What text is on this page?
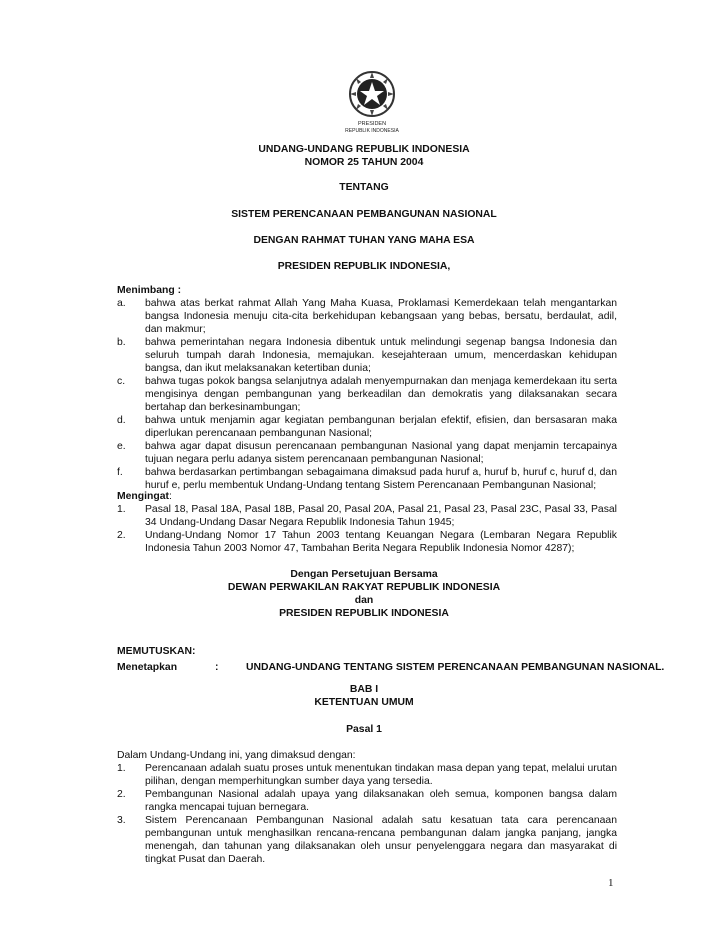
PRESIDEN
REPUBLIK INDONESIA
UNDANG-UNDANG REPUBLIK INDONESIA
NOMOR 25 TAHUN 2004
TENTANG
SISTEM PERENCANAAN PEMBANGUNAN NASIONAL
DENGAN RAHMAT TUHAN YANG MAHA ESA
PRESIDEN REPUBLIK INDONESIA,
Menimbang :
a. bahwa atas berkat rahmat Allah Yang Maha Kuasa, Proklamasi Kemerdekaan telah mengantarkan bangsa Indonesia menuju cita-cita berkehidupan kebangsaan yang bebas, bersatu, berdaulat, adil, dan makmur;
b. bahwa pemerintahan negara Indonesia dibentuk untuk melindungi segenap bangsa Indonesia dan seluruh tumpah darah Indonesia, memajukan. kesejahteraan umum, mencerdaskan kehidupan bangsa, dan ikut melaksanakan ketertiban dunia;
c. bahwa tugas pokok bangsa selanjutnya adalah menyempurnakan dan menjaga kemerdekaan itu serta mengisinya dengan pembangunan yang berkeadilan dan demokratis yang dilaksanakan secara bertahap dan berkesinambungan;
d. bahwa untuk menjamin agar kegiatan pembangunan berjalan efektif, efisien, dan bersasaran maka diperlukan perencanaan pembangunan Nasional;
e. bahwa agar dapat disusun perencanaan pembangunan Nasional yang dapat menjamin tercapainya tujuan negara perlu adanya sistem perencanaan pembangunan Nasional;
f. bahwa berdasarkan pertimbangan sebagaimana dimaksud pada huruf a, huruf b, huruf c, huruf d, dan huruf e, perlu membentuk Undang-Undang tentang Sistem Perencanaan Pembangunan Nasional;
Mengingat:
1. Pasal 18, Pasal 18A, Pasal 18B, Pasal 20, Pasal 20A, Pasal 21, Pasal 23, Pasal 23C, Pasal 33, Pasal 34 Undang-Undang Dasar Negara Republik Indonesia Tahun 1945;
2. Undang-Undang Nomor 17 Tahun 2003 tentang Keuangan Negara (Lembaran Negara Republik Indonesia Tahun 2003 Nomor 47, Tambahan Berita Negara Republik Indonesia Nomor 4287);
Dengan Persetujuan Bersama
DEWAN PERWAKILAN RAKYAT REPUBLIK INDONESIA
dan
PRESIDEN REPUBLIK INDONESIA
MEMUTUSKAN:
Menetapkan	:	UNDANG-UNDANG TENTANG SISTEM PERENCANAAN PEMBANGUNAN NASIONAL.
BAB I
KETENTUAN UMUM
Pasal 1
Dalam Undang-Undang ini, yang dimaksud dengan:
1. Perencanaan adalah suatu proses untuk menentukan tindakan masa depan yang tepat, melalui urutan pilihan, dengan memperhitungkan sumber daya yang tersedia.
2. Pembangunan Nasional adalah upaya yang dilaksanakan oleh semua, komponen bangsa dalam rangka mencapai tujuan bernegara.
3. Sistem Perencanaan Pembangunan Nasional adalah satu kesatuan tata cara perencanaan pembangunan untuk menghasilkan rencana-rencana pembangunan dalam jangka panjang, jangka menengah, dan tahunan yang dilaksanakan oleh unsur penyelenggara negara dan masyarakat di tingkat Pusat dan Daerah.
1
